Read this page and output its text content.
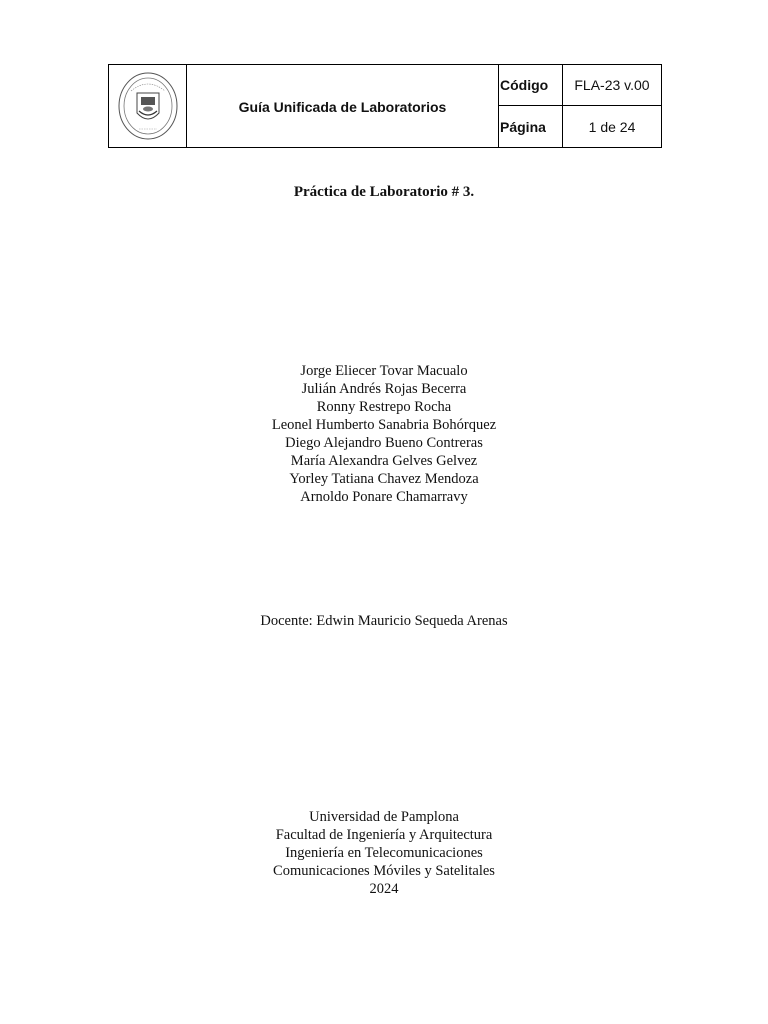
Guía Unificada de Laboratorios
Código	FLA-23 v.00
Página	1 de 24
Práctica de Laboratorio # 3.
Jorge Eliecer Tovar Macualo
Julián Andrés Rojas Becerra
Ronny Restrepo Rocha
Leonel Humberto Sanabria Bohórquez
Diego Alejandro Bueno Contreras
María Alexandra Gelves Gelvez
Yorley Tatiana Chavez Mendoza
Arnoldo Ponare Chamarravy
Docente: Edwin Mauricio Sequeda Arenas
Universidad de Pamplona
Facultad de Ingeniería y Arquitectura
Ingeniería en Telecomunicaciones
Comunicaciones Móviles y Satelitales
2024
